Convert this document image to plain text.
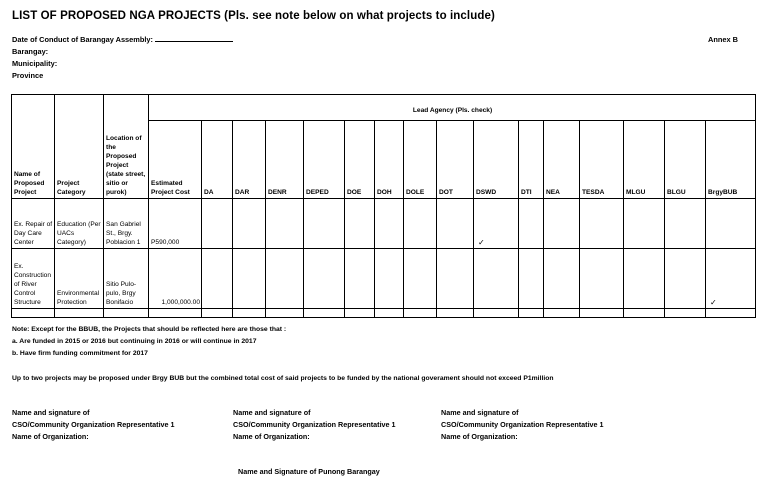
LIST OF PROPOSED NGA PROJECTS (Pls. see note below on what projects to include)
Date of Conduct of Barangay Assembly:
Barangay:
Municipality:
Province
Annex B
Name of Proposed Project	Project Category	Location of the Proposed Project (state street, sitio or purok)	Lead Agency (Pls. check)															
			Estimated Project Cost	DA	DAR	DENR	DEPED	DOE	DOH	DOLE	DOT	DSWD	DTI	NEA	TESDA	MLGU	BLGU	BrgyBUB
Ex. Repair of Day Care Center	Education (Per UACs Category)	San Gabriel St., Brgy. Poblacion 1	P590,000									✓						
Ex. Construction of River Control Structure	Environmental Protection	Sitio Pulo-pulo, Brgy Bonifacio	1,000,000.00															✓

Note: Except for the BBUB, the Projects that should be reflected here are those that :
a. Are funded in 2015 or 2016 but continuing in 2016 or will continue in 2017
b. Have firm funding commitment for 2017
Up to two projects may be proposed under Brgy BUB but the combined total cost of said projects to be funded by the national goverament should not exceed P1million
Name and signature of
CSO/Community Organization Representative 1
Name of Organization:
Name and signature of
CSO/Community Organization Representative 1
Name of Organization:
Name and signature of
CSO/Community Organization Representative 1
Name of Organization:
Name and Signature of Punong Barangay
